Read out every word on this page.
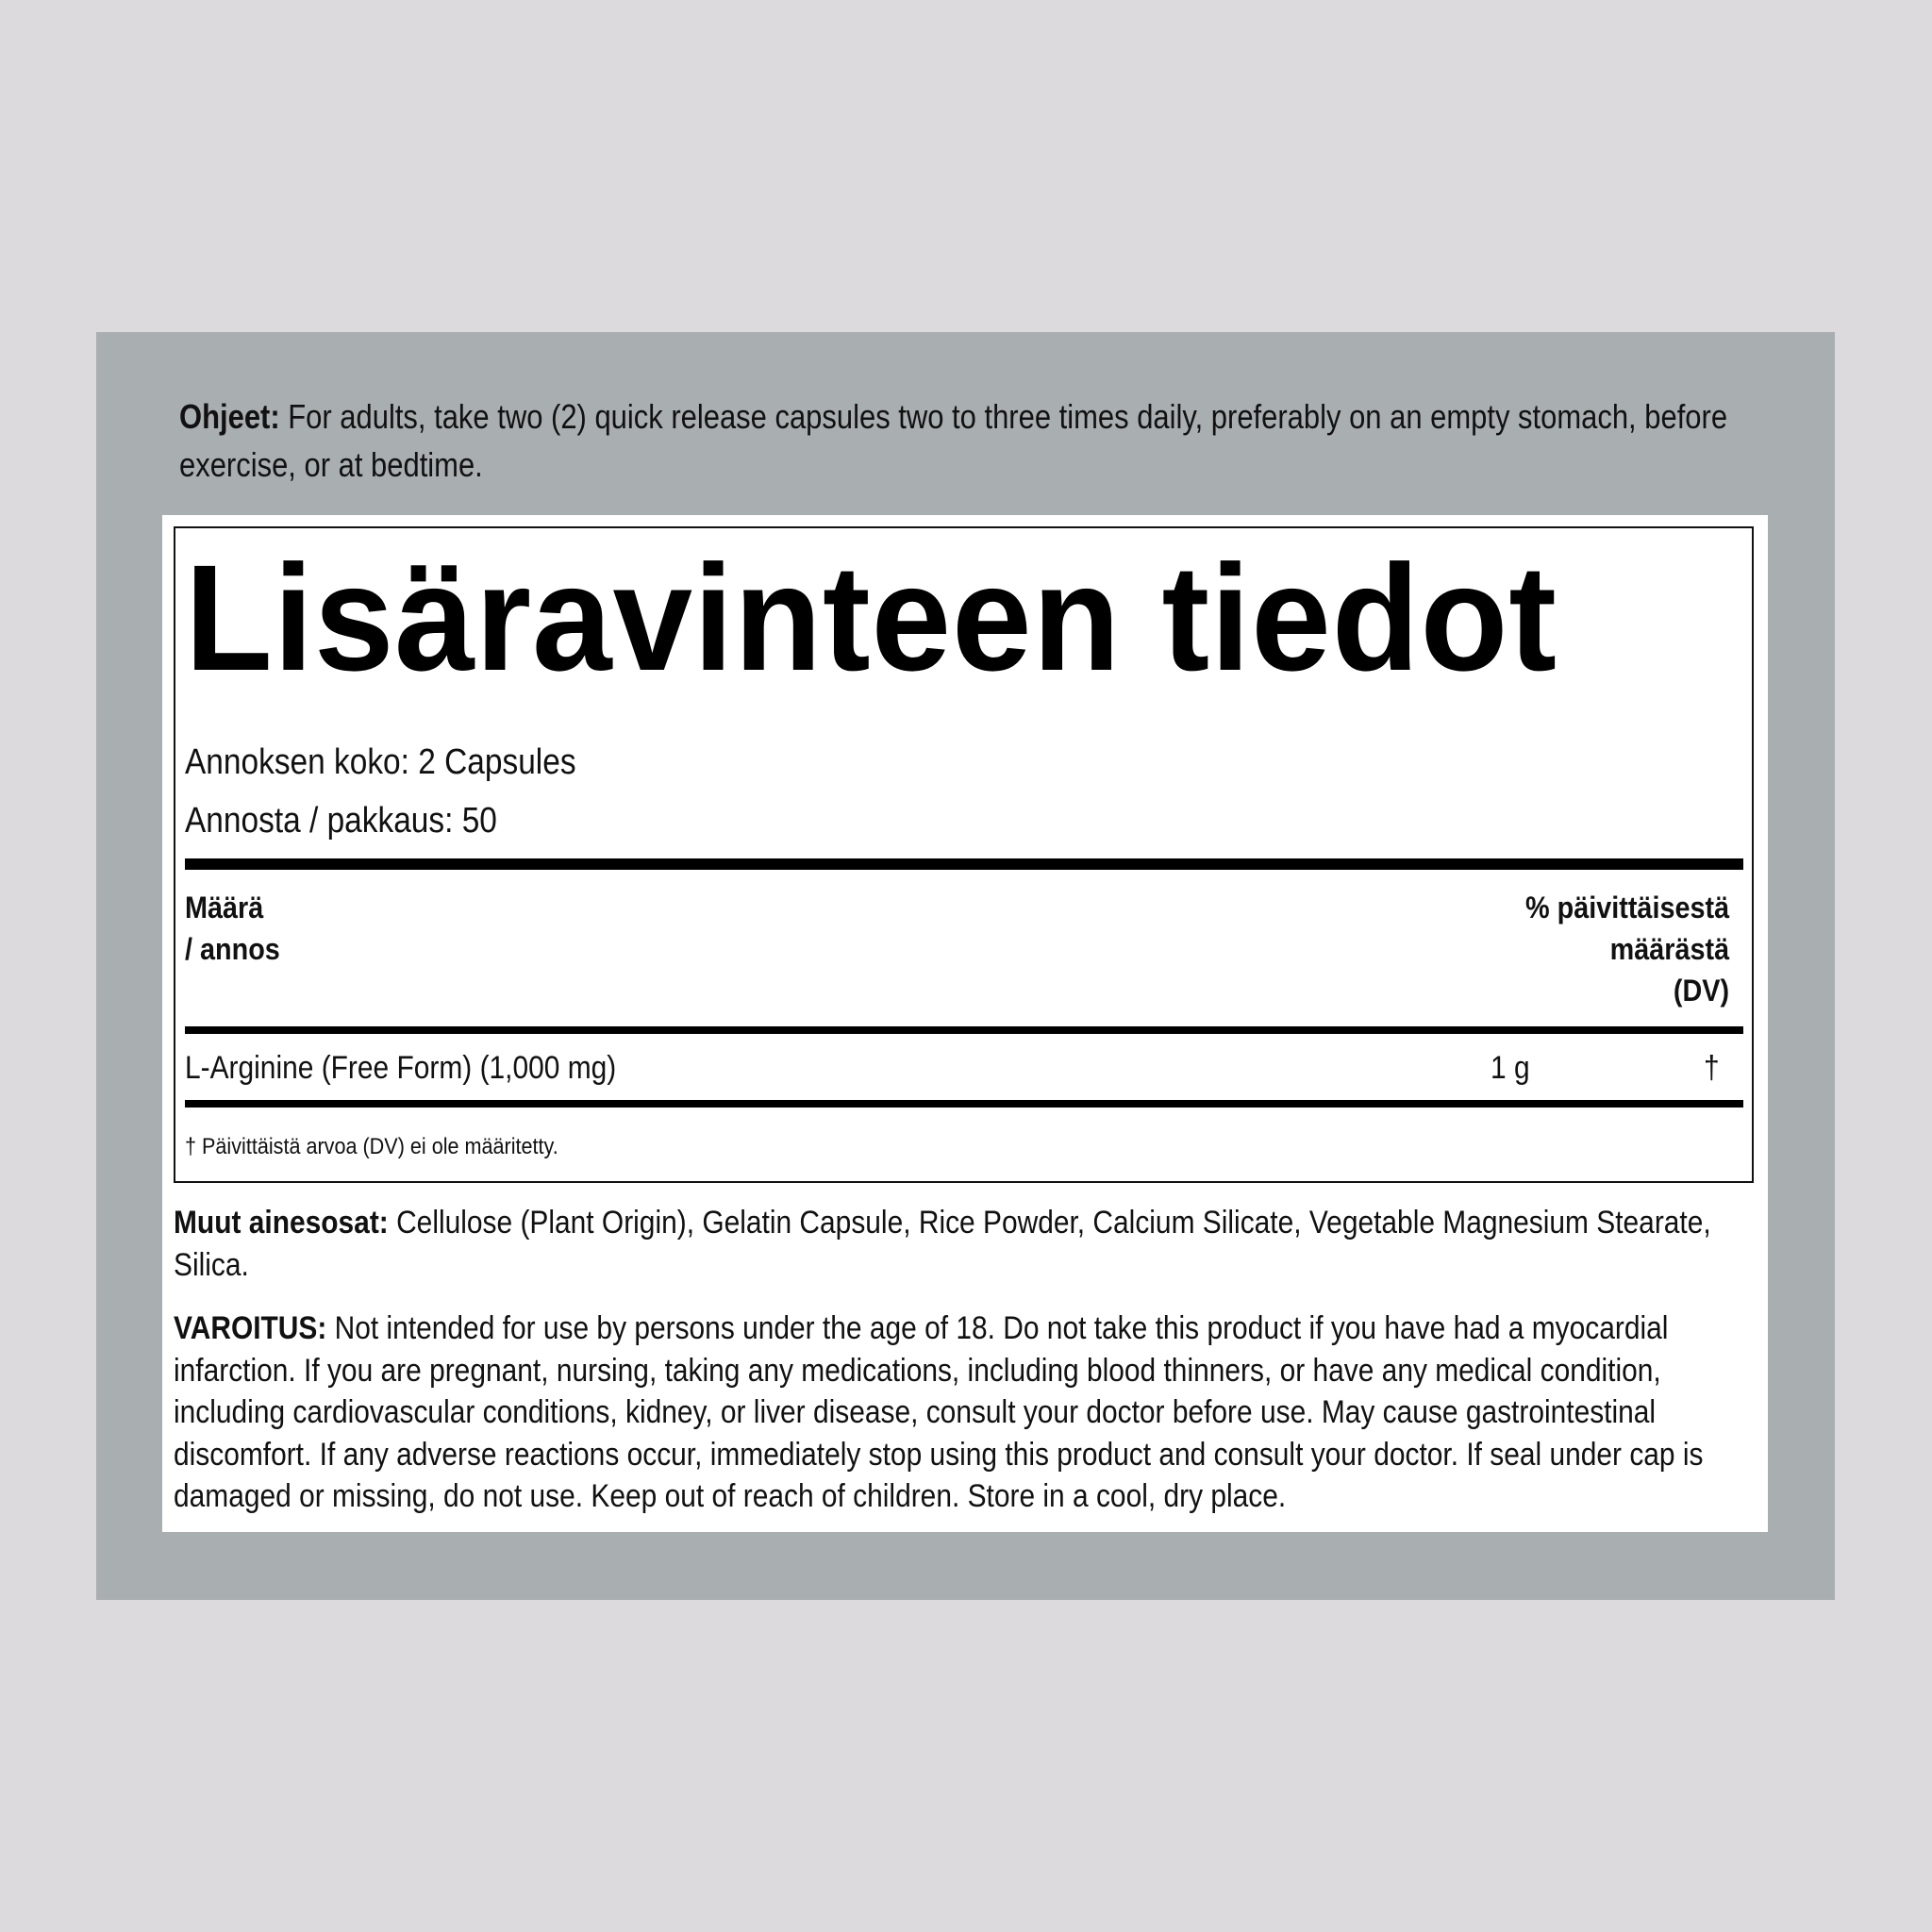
Ohjeet: For adults, take two (2) quick release capsules two to three times daily, preferably on an empty stomach, before exercise, or at bedtime.
Lisäravinteen tiedot
Annoksen koko: 2 Capsules
Annosta / pakkaus: 50
Määrä
/ annos
% päivittäisestä
määrästä
(DV)
L-Arginine (Free Form) (1,000 mg)	1 g	†
† Päivittäistä arvoa (DV) ei ole määritetty.
Muut ainesosat: Cellulose (Plant Origin), Gelatin Capsule, Rice Powder, Calcium Silicate, Vegetable Magnesium Stearate, Silica.
VAROITUS: Not intended for use by persons under the age of 18. Do not take this product if you have had a myocardial infarction. If you are pregnant, nursing, taking any medications, including blood thinners, or have any medical condition, including cardiovascular conditions, kidney, or liver disease, consult your doctor before use. May cause gastrointestinal discomfort. If any adverse reactions occur, immediately stop using this product and consult your doctor. If seal under cap is damaged or missing, do not use. Keep out of reach of children. Store in a cool, dry place.
